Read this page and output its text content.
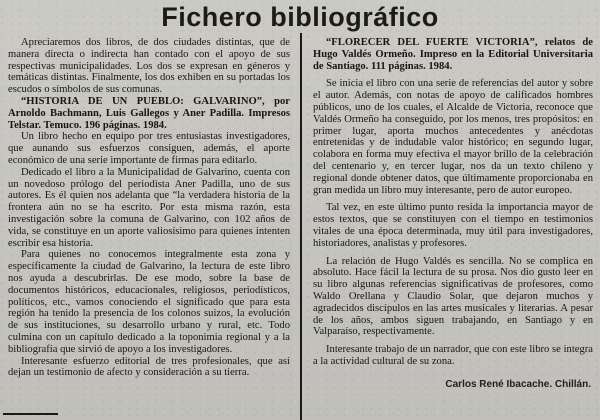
Fichero bibliográfico

Apreciaremos dos libros, de dos ciudades distintas, que de manera directa o indirecta han contado con el apoyo de sus respectivas municipalidades. Los dos se expresan en géneros y temáticas distintas. Finalmente, los dos exhiben en su portadas los escudos o símbolos de sus comunas.

“HISTORIA DE UN PUEBLO: GALVARINO”, por Arnoldo Bachmann, Luis Gallegos y Aner Padilla. Impresos Telstar. Temuco. 196 páginas. 1984.

Un libro hecho en equipo por tres entusiastas investigadores, que aunando sus esfuerzos consiguen, además, el aporte económico de una serie importante de firmas para editarlo.

Dedicado el libro a la Municipalidad de Galvarino, cuenta con un novedoso prólogo del periodista Aner Padilla, uno de sus autores. Es él quien nos adelanta que “la verdadera historia de la frontera aún no se ha escrito. Por esta misma razón, esta investigación sobre la comuna de Galvarino, con 102 años de vida, se constituye en un aporte valiosísimo para quienes intenten escribir esa historia.

Para quienes no conocemos integralmente esta zona y específicamente la ciudad de Galvarino, la lectura de este libro nos ayuda a descubrirlas. De ese modo, sobre la base de documentos históricos, educacionales, religiosos, periodísticos, políticos, etc., vamos conociendo el significado que para esta región ha tenido la presencia de los colonos suizos, la evolución de sus instituciones, su desarrollo urbano y rural, etc. Todo culmina con un capítulo dedicado a la toponimia regional y a la bibliografía que sirvió de apoyo a los investigadores.

Interesante esfuerzo editorial de tres profesionales, que así dejan un testimonio de afecto y consideración a su tierra.

“FLORECER DEL FUERTE VICTORIA”, relatos de Hugo Valdés Ormeño. Impreso en la Editorial Universitaria de Santiago. 111 páginas. 1984.

Se inicia el libro con una serie de referencias del autor y sobre el autor. Además, con notas de apoyo de calificados hombres públicos, uno de los cuales, el Alcalde de Victoria, reconoce que Valdés Ormeño ha conseguido, por los menos, tres propósitos: en primer lugar, aporta muchos antecedentes y anécdotas entretenidas y de indudable valor histórico; en segundo lugar, colabora en forma muy efectiva el mayor brillo de la celebración del centenario y, en tercer lugar, nos da un texto chileno y regional donde obtener datos, que últimamente proporcionaba en gran medida un libro muy interesante, pero de autor europeo.

Tal vez, en este último punto resida la importancia mayor de estos textos, que se constituyen con el tiempo en testimonios vitales de una época determinada, muy útil para investigadores, historiadores, analistas y profesores.

La relación de Hugo Valdés es sencilla. No se complica en absoluto. Hace fácil la lectura de su prosa. Nos dio gusto leer en su libro algunas referencias significativas de profesores, como Waldo Orellana y Claudio Solar, que dejaron muchos y agradecidos discípulos en las artes musicales y literarias. A pesar de los años, ambos siguen trabajando, en Santiago y en Valparaíso, respectivamente.

Interesante trabajo de un narrador, que con este libro se integra a la actividad cultural de su zona.

Carlos René Ibacache. Chillán.
